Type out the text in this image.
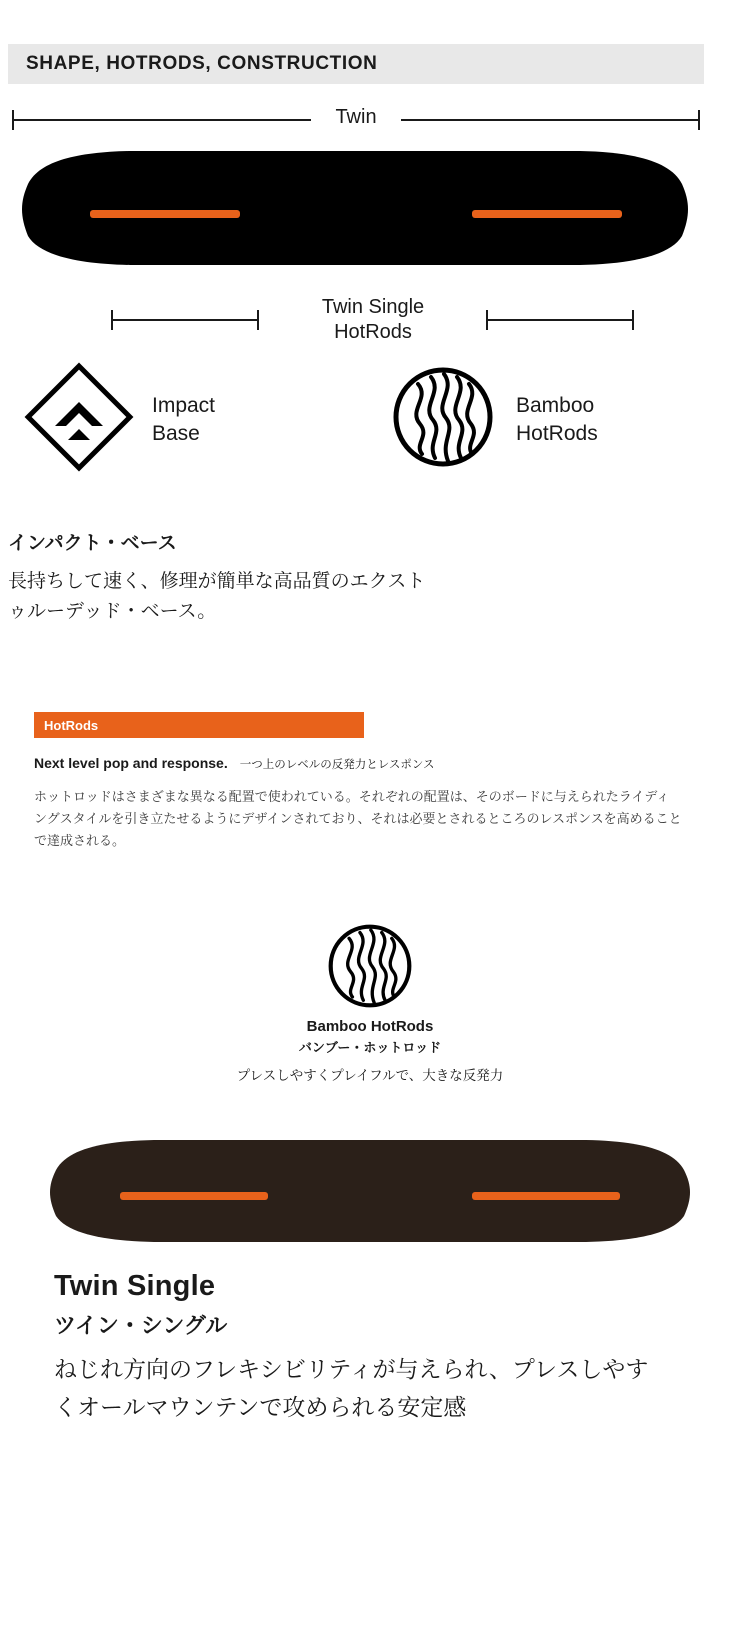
SHAPE, HOTRODS, CONSTRUCTION
Twin
Twin Single
HotRods
Impact
Base
Bamboo
HotRods

インパクト・ベース

長持ちして速く、修理が簡単な高品質のエクストゥルーデッド・ベース。

HotRods
Next level pop and response. 一つ上のレベルの反発力とレスポンス
ホットロッドはさまざまな異なる配置で使われている。それぞれの配置は、そのボードに与えられたライディングスタイルを引き立たせるようにデザインされており、それは必要とされるところのレスポンスを高めることで達成される。
Bamboo HotRods
バンブー・ホットロッド
プレスしやすくプレイフルで、大きな反発力

Twin Single

ツイン・シングル

ねじれ方向のフレキシビリティが与えられ、プレスしやすくオールマウンテンで攻められる安定感
